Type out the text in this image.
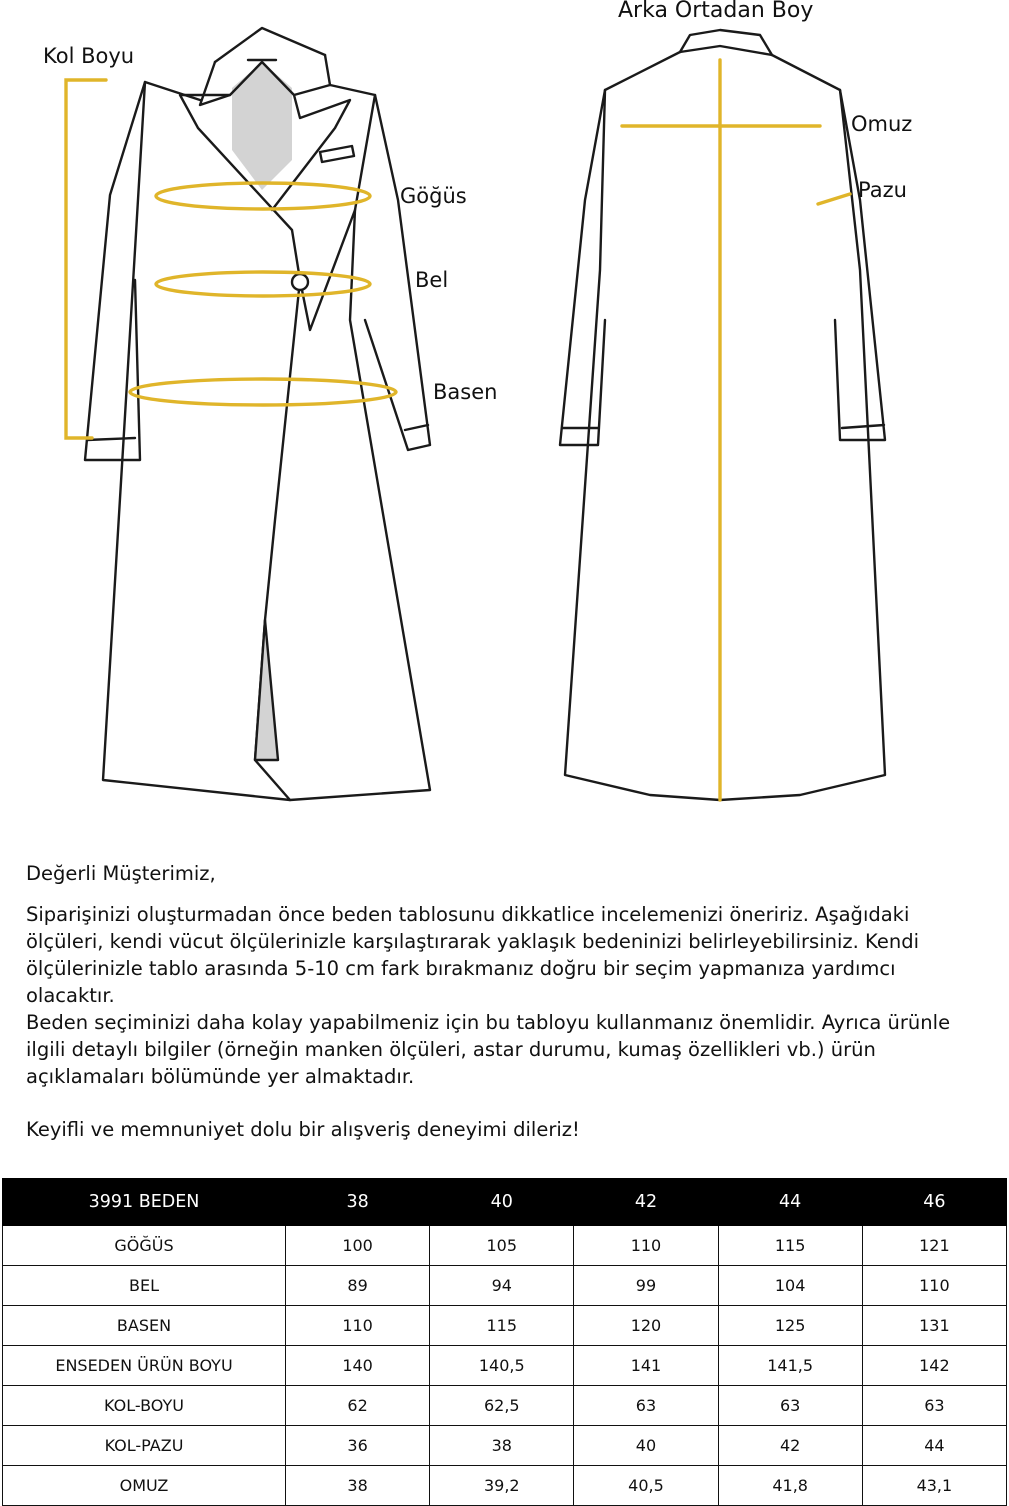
Kol Boyu
Göğüs
Bel
Basen
Arka Ortadan Boy
Omuz
Pazu

Değerli Müşterimiz,

Siparişinizi oluşturmadan önce beden tablosunu dikkatlice incelemenizi öneririz. Aşağıdaki ölçüleri, kendi vücut ölçülerinizle karşılaştırarak yaklaşık bedeninizi belirleyebilirsiniz. Kendi ölçülerinizle tablo arasında 5-10 cm fark bırakmanız doğru bir seçim yapmanıza yardımcı olacaktır.

Beden seçiminizi daha kolay yapabilmeniz için bu tabloyu kullanmanız önemlidir. Ayrıca ürünle ilgili detaylı bilgiler (örneğin manken ölçüleri, astar durumu, kumaş özellikleri vb.) ürün açıklamaları bölümünde yer almaktadır.

Keyifli ve memnuniyet dolu bir alışveriş deneyimi dileriz!

3991 BEDEN	38	40	42	44	46
GÖĞÜS	100	105	110	115	121
BEL	89	94	99	104	110
BASEN	110	115	120	125	131
ENSEDEN ÜRÜN BOYU	140	140,5	141	141,5	142
KOL-BOYU	62	62,5	63	63	63
KOL-PAZU	36	38	40	42	44
OMUZ	38	39,2	40,5	41,8	43,1
